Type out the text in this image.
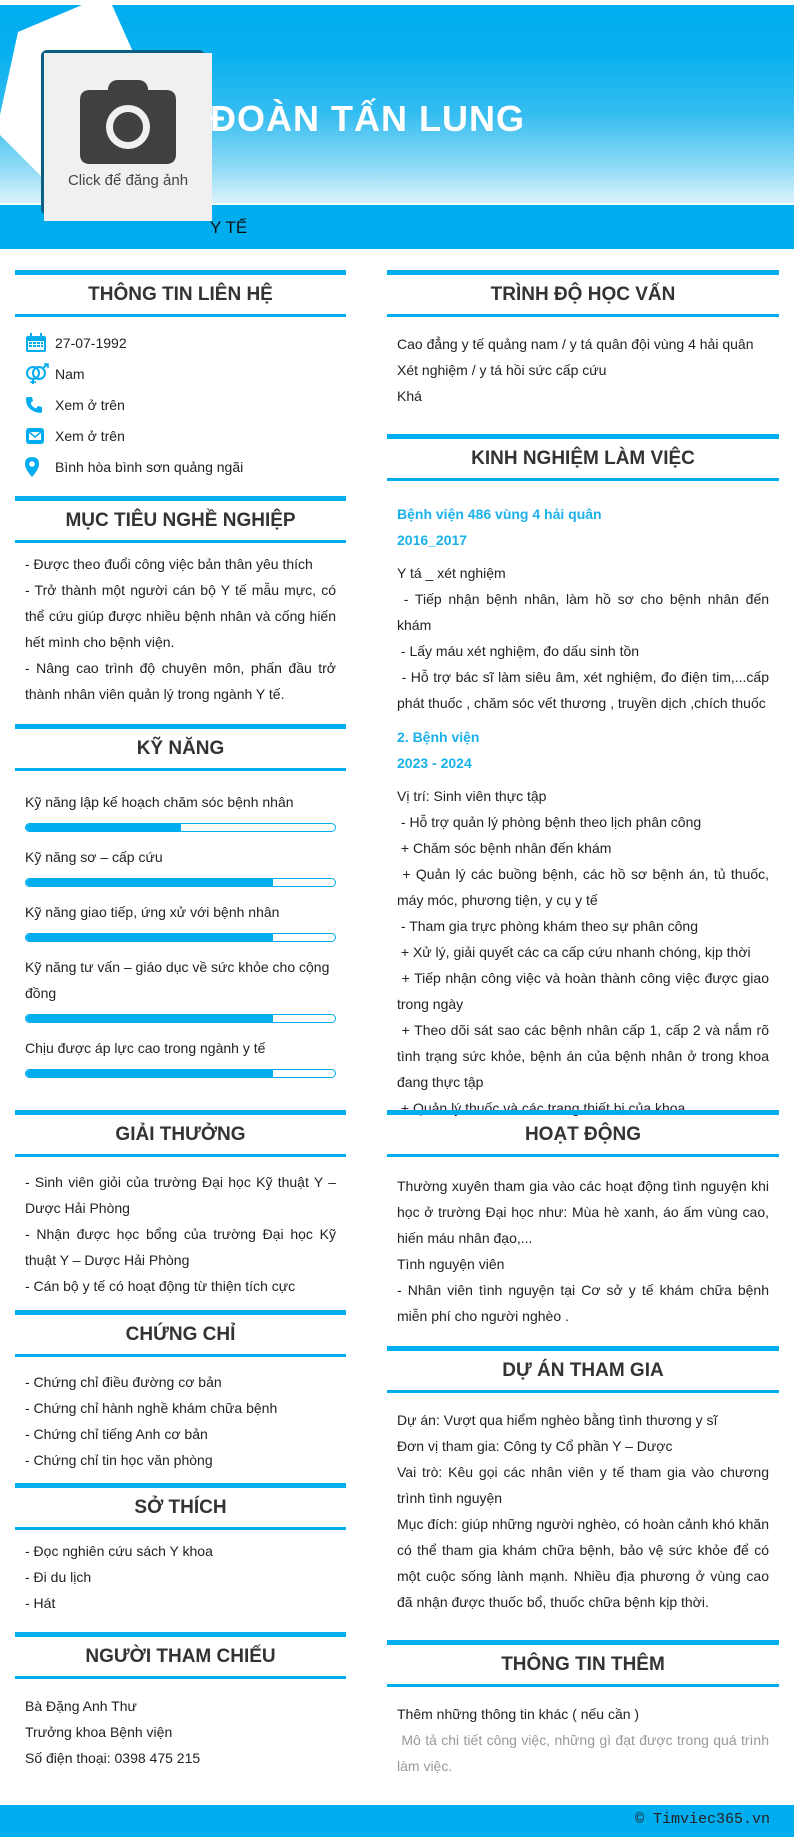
Click để đăng ảnh
ĐOÀN TẤN LUNG
Y TẾ
THÔNG TIN LIÊN HỆ
27-07-1992
Nam
Xem ở trên
Xem ở trên
Bình hòa bình sơn quảng ngãi
MỤC TIÊU NGHỀ NGHIỆP

- Được theo đuổi công việc bản thân yêu thích

- Trở thành một người cán bộ Y tế mẫu mực, có thể cứu giúp được nhiều bệnh nhân và cống hiến hết mình cho bệnh viện.

- Nâng cao trình độ chuyên môn, phấn đầu trở thành nhân viên quản lý trong ngành Y tế.

KỸ NĂNG
Kỹ năng lập kế hoạch chăm sóc bệnh nhân
Kỹ năng sơ – cấp cứu
Kỹ năng giao tiếp, ứng xử với bệnh nhân
Kỹ năng tư vấn – giáo dục về sức khỏe cho cộng đồng
Chịu được áp lực cao trong ngành y tế
GIẢI THƯỞNG

- Sinh viên giỏi của trường Đại học Kỹ thuật Y – Dược Hải Phòng

- Nhận được học bổng của trường Đại học Kỹ thuật Y – Dược Hải Phòng

- Cán bộ y tế có hoạt động từ thiện tích cực

CHỨNG CHỈ

- Chứng chỉ điều đường cơ bản

- Chứng chỉ hành nghề khám chữa bệnh

- Chứng chỉ tiếng Anh cơ bản

- Chứng chỉ tin học văn phòng

SỞ THÍCH

- Đọc nghiên cứu sách Y khoa

- Đi du lịch

- Hát

NGƯỜI THAM CHIẾU

Bà Đặng Anh Thư

Trưởng khoa Bệnh viện

Số điện thoại: 0398 475 215

TRÌNH ĐỘ HỌC VẤN

Cao đẳng y tế quảng nam / y tá quân đội vùng 4 hải quân

Xét nghiệm / y tá hồi sức cấp cứu

Khá

KINH NGHIỆM LÀM VIỆC
Bệnh viện 486 vùng 4 hải quân
2016_2017

Y tá _ xét nghiệm

- Tiếp nhận bệnh nhân, làm hồ sơ cho bệnh nhân đến khám

- Lấy máu xét nghiệm, đo dấu sinh tồn

- Hỗ trợ bác sĩ làm siêu âm, xét nghiệm, đo điện tim,...cấp phát thuốc , chăm sóc vết thương , truyền dịch ,chích thuốc

2. Bệnh viện
2023 - 2024

Vị trí: Sinh viên thực tập

- Hỗ trợ quản lý phòng bệnh theo lịch phân công

+ Chăm sóc bệnh nhân đến khám

+ Quản lý các buồng bệnh, các hồ sơ bệnh án, tủ thuốc, máy móc, phương tiện, y cụ y tế

- Tham gia trực phòng khám theo sự phân công

+ Xử lý, giải quyết các ca cấp cứu nhanh chóng, kịp thời

+ Tiếp nhận công việc và hoàn thành công việc được giao trong ngày

+ Theo dõi sát sao các bệnh nhân cấp 1, cấp 2 và nắm rõ tình trạng sức khỏe, bệnh án của bệnh nhân ở trong khoa đang thực tập

+ Quản lý thuốc và các trang thiết bị của khoa

HOẠT ĐỘNG

Thường xuyên tham gia vào các hoạt động tình nguyện khi học ở trường Đại học như: Mùa hè xanh, áo ấm vùng cao, hiến máu nhân đạo,...

Tình nguyện viên

- Nhân viên tình nguyện tại Cơ sở y tế khám chữa bệnh miễn phí cho người nghèo .

DỰ ÁN THAM GIA

Dự án: Vượt qua hiểm nghèo bằng tình thương y sĩ

Đơn vị tham gia: Công ty Cổ phần Y – Dược

Vai trò: Kêu gọi các nhân viên y tế tham gia vào chương trình tình nguyện

Mục đích: giúp những người nghèo, có hoàn cảnh khó khăn có thể tham gia khám chữa bệnh, bảo vệ sức khỏe để có một cuộc sống lành mạnh. Nhiều địa phương ở vùng cao đã nhận được thuốc bổ, thuốc chữa bệnh kịp thời.

THÔNG TIN THÊM

Thêm những thông tin khác ( nếu cần )

Mô tả chi tiết công việc, những gì đạt được trong quá trình làm việc.

© Timviec365.vn
